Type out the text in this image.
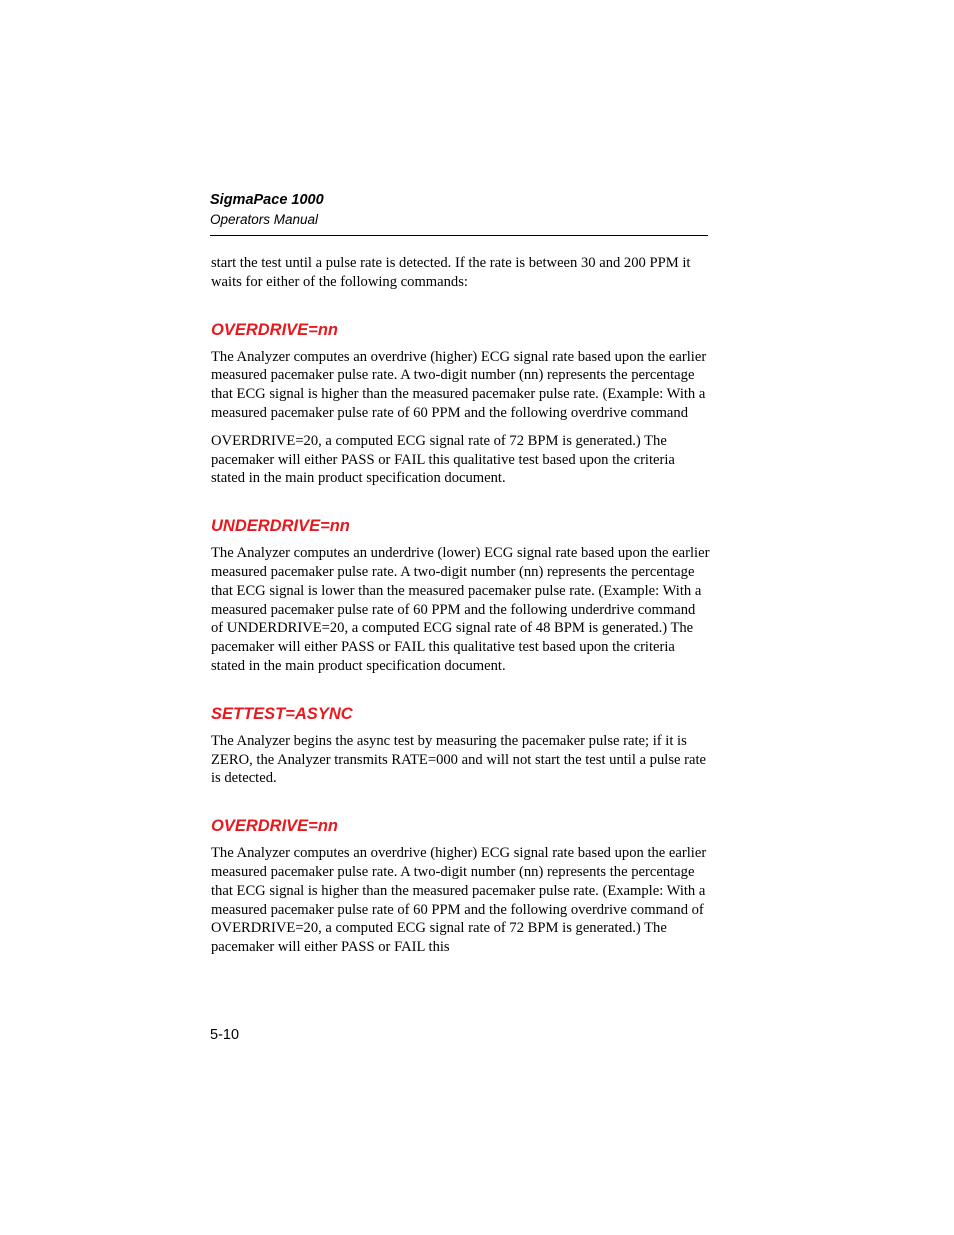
SigmaPace 1000
Operators Manual

start the test until a pulse rate is detected. If the rate is between 30 and 200 PPM it waits for either of the following commands:

OVERDRIVE=nn

The Analyzer computes an overdrive (higher) ECG signal rate based upon the earlier measured pacemaker pulse rate. A two-digit number (nn) represents the percentage that ECG signal is higher than the measured pacemaker pulse rate. (Example: With a measured pacemaker pulse rate of 60 PPM and the following overdrive command

OVERDRIVE=20, a computed ECG signal rate of 72 BPM is generated.) The pacemaker will either PASS or FAIL this qualitative test based upon the criteria stated in the main product specification document.

UNDERDRIVE=nn

The Analyzer computes an underdrive (lower) ECG signal rate based upon the earlier measured pacemaker pulse rate. A two-digit number (nn) represents the percentage that ECG signal is lower than the measured pacemaker pulse rate. (Example: With a measured pacemaker pulse rate of 60 PPM and the following underdrive command of UNDERDRIVE=20, a computed ECG signal rate of 48 BPM is generated.) The pacemaker will either PASS or FAIL this qualitative test based upon the criteria stated in the main product specification document.

SETTEST=ASYNC

The Analyzer begins the async test by measuring the pacemaker pulse rate; if it is ZERO, the Analyzer transmits RATE=000 and will not start the test until a pulse rate is detected.

OVERDRIVE=nn

The Analyzer computes an overdrive (higher) ECG signal rate based upon the earlier measured pacemaker pulse rate. A two-digit number (nn) represents the percentage that ECG signal is higher than the measured pacemaker pulse rate. (Example: With a measured pacemaker pulse rate of 60 PPM and the following overdrive command of OVERDRIVE=20, a computed ECG signal rate of 72 BPM is generated.) The pacemaker will either PASS or FAIL this

5-10
